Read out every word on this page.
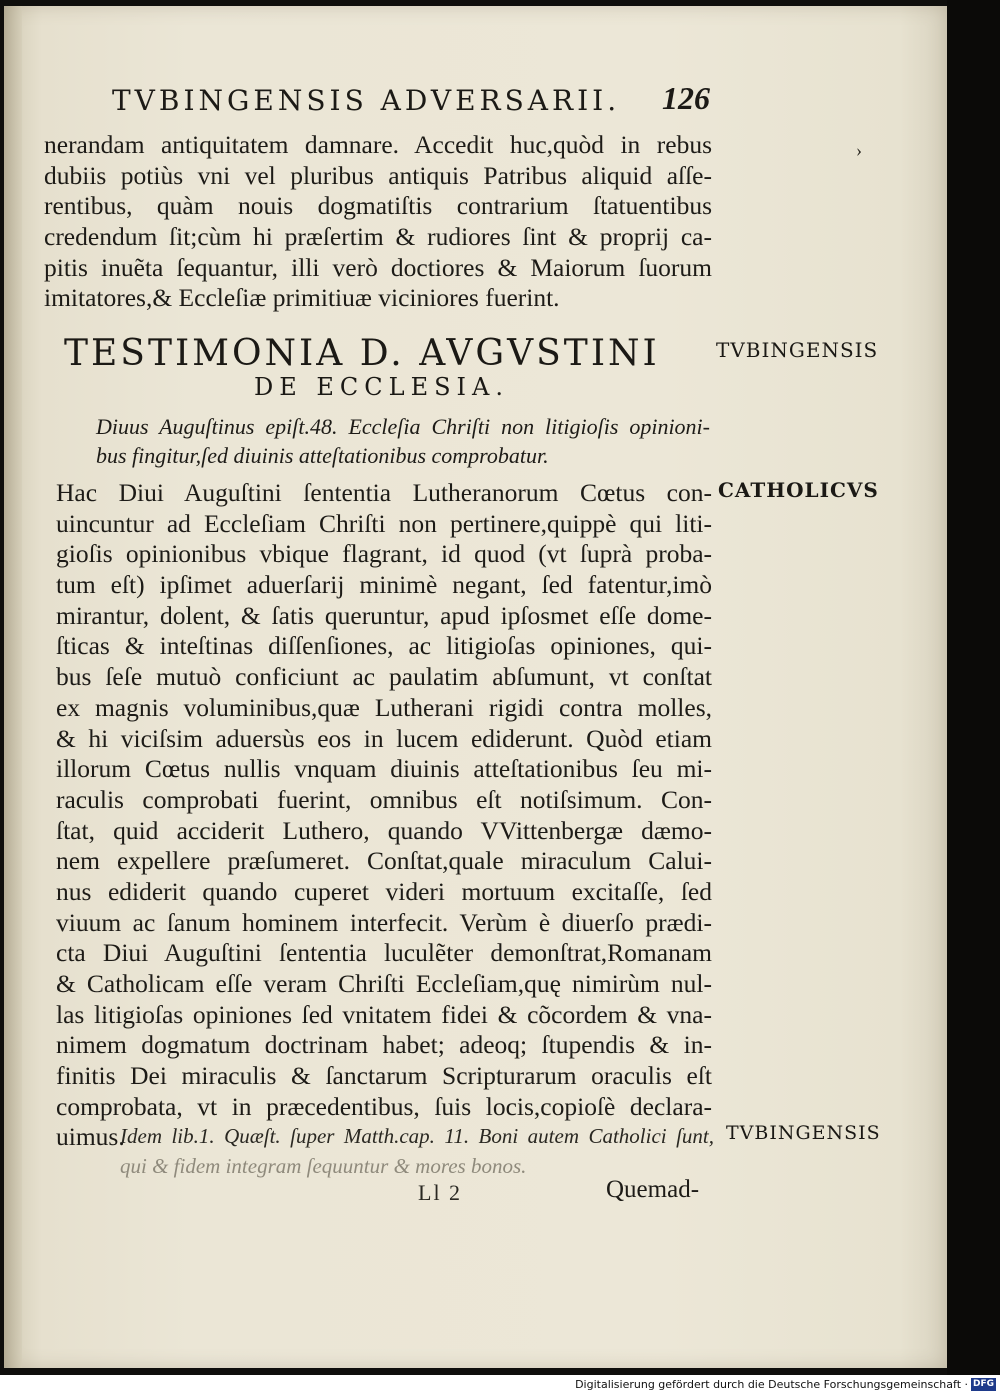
TVBINGENSIS ADVERSARII. 126
›
nerandam antiquitatem damnare. Accedit huc,quòd in rebus
dubiis potiùs vni vel pluribus antiquis Patribus aliquid aſſe-
rentibus, quàm nouis dogmatiſtis contrarium ſtatuentibus
credendum ſit;cùm hi præſertim & rudiores ſint & proprij ca-
pitis inuẽta ſequantur, illi verò doctiores & Maiorum ſuorum
imitatores,& Eccleſiæ primitiuæ viciniores fuerint.
TESTIMONIA D. AVGVSTINI
DE ECCLESIA.
TVBINGENSIS
Diuus Auguſtinus epiſt.48. Eccleſia Chriſti non litigioſis opinioni-
bus fingitur,ſed diuinis atteſtationibus comprobatur.
CATHOLICVS
Hac Diui Auguſtini ſententia Lutheranorum Cœtus con-
uincuntur ad Eccleſiam Chriſti non pertinere,quippè qui liti-
gioſis opinionibus vbique flagrant, id quod (vt ſuprà proba-
tum eſt) ipſimet aduerſarij minimè negant, ſed fatentur,imò
mirantur, dolent, & ſatis queruntur, apud ipſosmet eſſe dome-
ſticas & inteſtinas diſſenſiones, ac litigioſas opiniones, qui-
bus ſeſe mutuò conficiunt ac paulatim abſumunt, vt conſtat
ex magnis voluminibus,quæ Lutherani rigidi contra molles,
& hi viciſsim aduersùs eos in lucem ediderunt. Quòd etiam
illorum Cœtus nullis vnquam diuinis atteſtationibus ſeu mi-
raculis comprobati fuerint, omnibus eſt notiſsimum. Con-
ſtat, quid acciderit Luthero, quando VVittenbergæ dæmo-
nem expellere præſumeret. Conſtat,quale miraculum Calui-
nus ediderit quando cuperet videri mortuum excitaſſe, ſed
viuum ac ſanum hominem interfecit. Verùm è diuerſo prædi-
cta Diui Auguſtini ſententia luculẽter demonſtrat,Romanam
& Catholicam eſſe veram Chriſti Eccleſiam,quę nimirùm nul-
las litigioſas opiniones ſed vnitatem fidei & cõcordem & vna-
nimem dogmatum doctrinam habet; adeoq; ſtupendis & in-
finitis Dei miraculis & ſanctarum Scripturarum oraculis eſt
comprobata, vt in præcedentibus, ſuis locis,copioſè declara-
uimus.
Idem lib.1. Quæſt. ſuper Matth.cap. 11. Boni autem Catholici ſunt,
qui & fidem integram ſequuntur & mores bonos.
TVBINGENSIS
Ll 2	Quemad-
Digitalisierung gefördert durch die Deutsche Forschungsgemeinschaft · DFG
